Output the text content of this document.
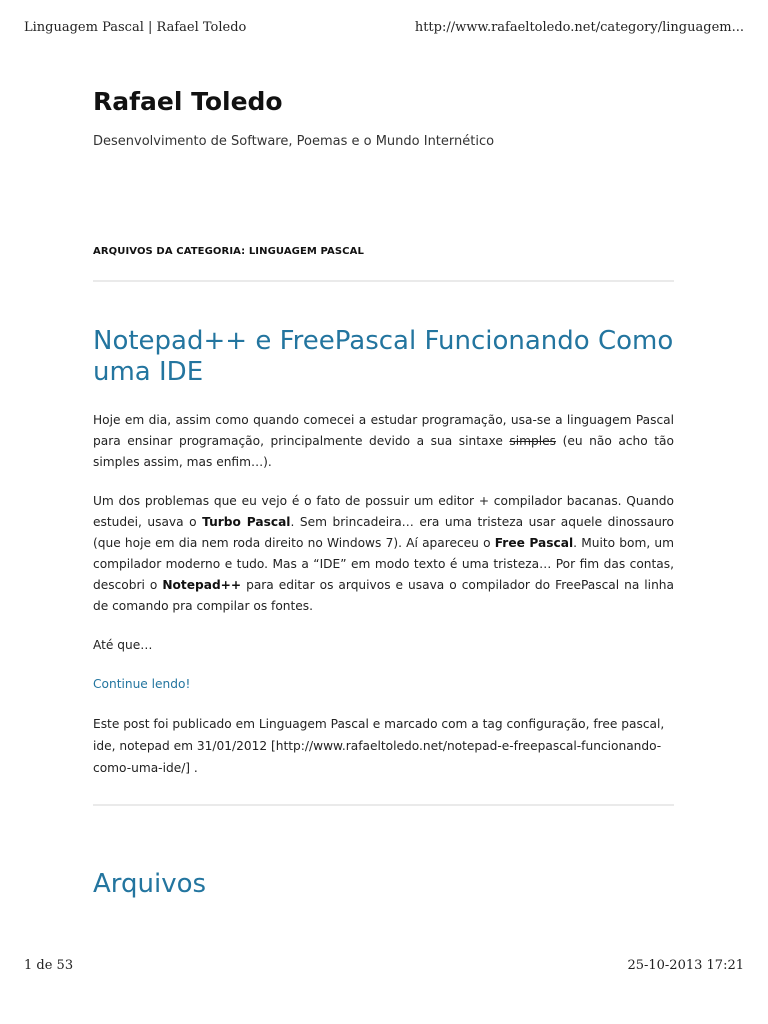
Linguagem Pascal | Rafael Toledo	http://www.rafaeltoledo.net/category/linguagem...
Rafael Toledo
Desenvolvimento de Software, Poemas e o Mundo Internético
ARQUIVOS DA CATEGORIA: LINGUAGEM PASCAL
Notepad++ e FreePascal Funcionando Como uma IDE

Hoje em dia, assim como quando comecei a estudar programação, usa-se a linguagem Pascal para ensinar programação, principalmente devido a sua sintaxe simples (eu não acho tão simples assim, mas enfim…).

Um dos problemas que eu vejo é o fato de possuir um editor + compilador bacanas. Quando estudei, usava o Turbo Pascal. Sem brincadeira… era uma tristeza usar aquele dinossauro (que hoje em dia nem roda direito no Windows 7). Aí apareceu o Free Pascal. Muito bom, um compilador moderno e tudo. Mas a “IDE” em modo texto é uma tristeza… Por fim das contas, descobri o Notepad++ para editar os arquivos e usava o compilador do FreePascal na linha de comando pra compilar os fontes.

Até que…

Continue lendo!

Este post foi publicado em Linguagem Pascal e marcado com a tag configuração, free pascal, ide, notepad em 31/01/2012 [http://www.rafaeltoledo.net/notepad-e-freepascal-funcionando-como-uma-ide/] .

Arquivos
1 de 53	25-10-2013 17:21
